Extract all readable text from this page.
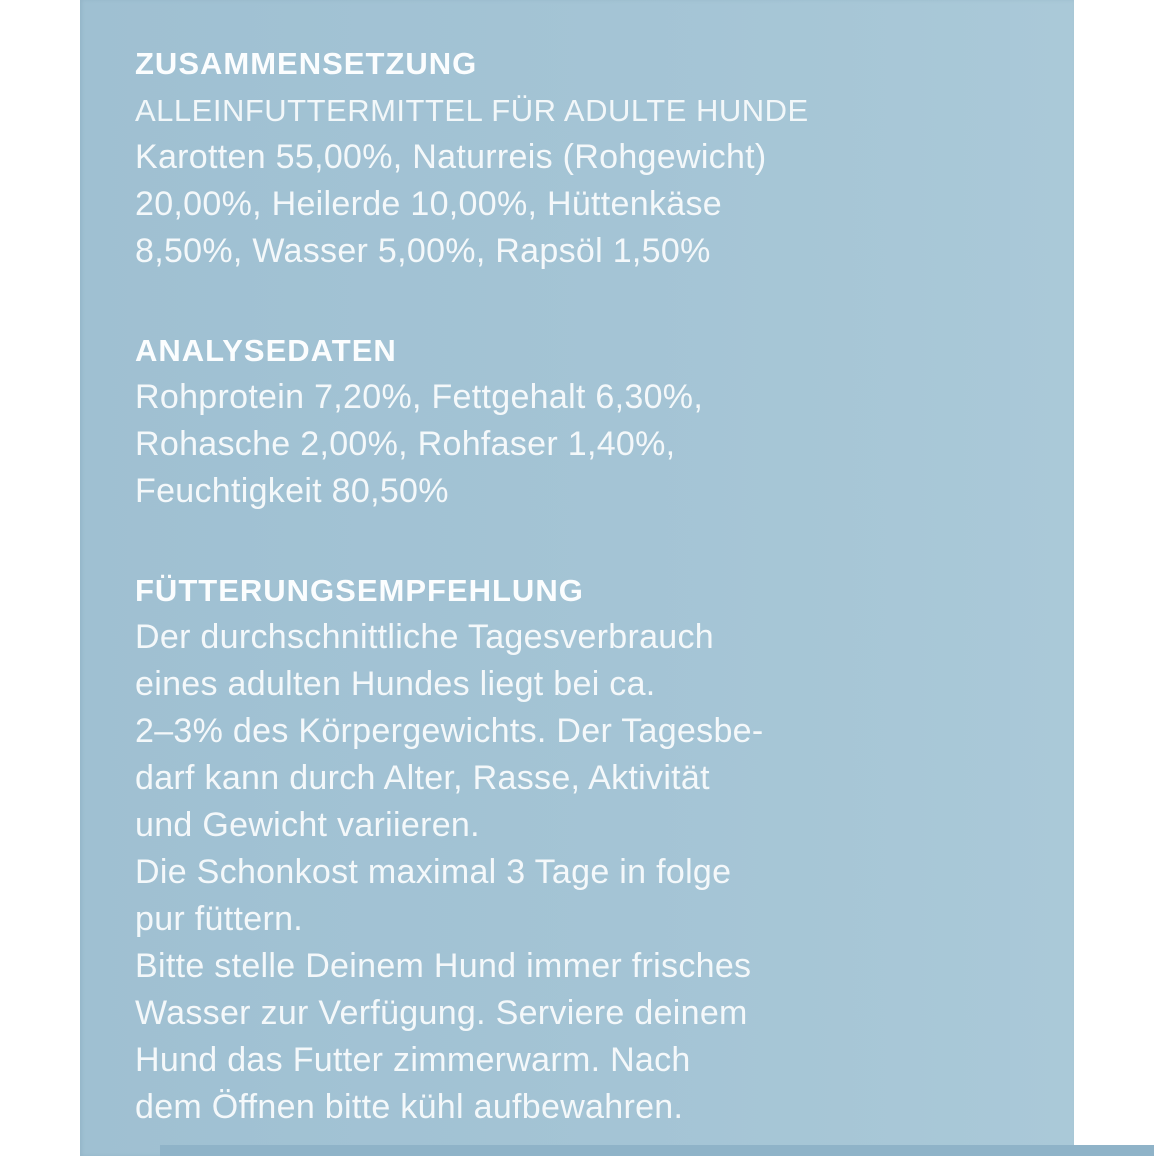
ZUSAMMENSETZUNG
ALLEINFUTTERMITTEL FÜR ADULTE HUNDE
Karotten 55,00%, Naturreis (Rohgewicht)
20,00%, Heilerde 10,00%, Hüttenkäse
8,50%, Wasser 5,00%, Rapsöl 1,50%
ANALYSEDATEN
Rohprotein 7,20%, Fettgehalt 6,30%,
Rohasche 2,00%, Rohfaser 1,40%,
Feuchtigkeit 80,50%
FÜTTERUNGSEMPFEHLUNG
Der durchschnittliche Tagesverbrauch
eines adulten Hundes liegt bei ca.
2–3% des Körpergewichts. Der Tagesbe-
darf kann durch Alter, Rasse, Aktivität
und Gewicht variieren.
Die Schonkost maximal 3 Tage in folge
pur füttern.
Bitte stelle Deinem Hund immer frisches
Wasser zur Verfügung. Serviere deinem
Hund das Futter zimmerwarm. Nach
dem Öffnen bitte kühl aufbewahren.
